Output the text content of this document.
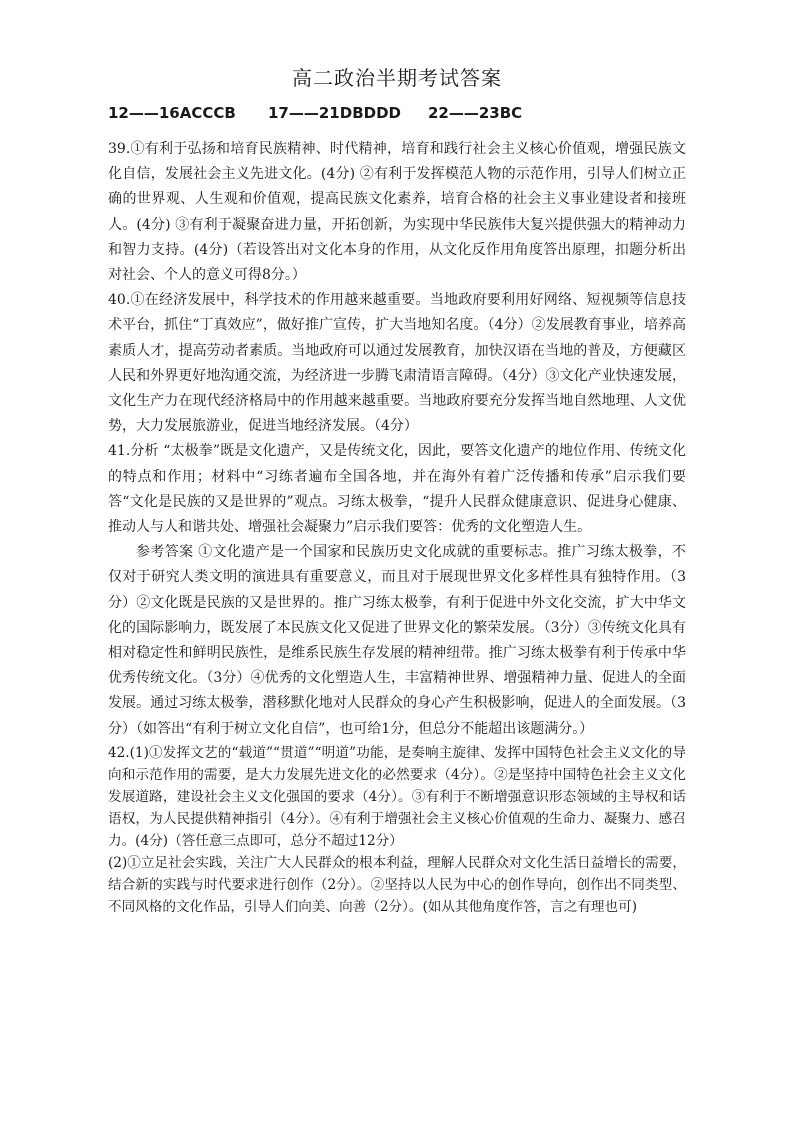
高二政治半期考试答案
12——16ACCCB 17——21DBDDD 22——23BC

39.①有利于弘扬和培育民族精神、时代精神，培育和践行社会主义核心价值观，增强民族文化自信，发展社会主义先进文化。(4分) ②有利于发挥模范人物的示范作用，引导人们树立正确的世界观、人生观和价值观，提高民族文化素养，培育合格的社会主义事业建设者和接班人。(4分) ③有利于凝聚奋进力量，开拓创新，为实现中华民族伟大复兴提供强大的精神动力和智力支持。(4分)（若设答出对文化本身的作用，从文化反作用角度答出原理，扣题分析出对社会、个人的意义可得8分。）

40.①在经济发展中，科学技术的作用越来越重要。当地政府要利用好网络、短视频等信息技术平台，抓住“丁真效应”，做好推广宣传，扩大当地知名度。（4分）②发展教育事业，培养高素质人才，提高劳动者素质。当地政府可以通过发展教育，加快汉语在当地的普及，方便藏区人民和外界更好地沟通交流，为经济进一步腾飞肃清语言障碍。（4分）③文化产业快速发展，文化生产力在现代经济格局中的作用越来越重要。当地政府要充分发挥当地自然地理、人文优势，大力发展旅游业，促进当地经济发展。（4分）

41.分析 “太极拳”既是文化遗产，又是传统文化，因此，要答文化遗产的地位作用、传统文化的特点和作用；材料中“习练者遍布全国各地，并在海外有着广泛传播和传承”启示我们要答“文化是民族的又是世界的”观点。习练太极拳，“提升人民群众健康意识、促进身心健康、推动人与人和谐共处、增强社会凝聚力”启示我们要答：优秀的文化塑造人生。

参考答案 ①文化遗产是一个国家和民族历史文化成就的重要标志。推广习练太极拳，不仅对于研究人类文明的演进具有重要意义，而且对于展现世界文化多样性具有独特作用。（3分）②文化既是民族的又是世界的。推广习练太极拳，有利于促进中外文化交流，扩大中华文化的国际影响力，既发展了本民族文化又促进了世界文化的繁荣发展。（3分）③传统文化具有相对稳定性和鲜明民族性，是维系民族生存发展的精神纽带。推广习练太极拳有利于传承中华优秀传统文化。（3分）④优秀的文化塑造人生，丰富精神世界、增强精神力量、促进人的全面发展。通过习练太极拳，潜移默化地对人民群众的身心产生积极影响，促进人的全面发展。（3分）（如答出“有利于树立文化自信”，也可给1分，但总分不能超出该题满分。）

42.(1)①发挥文艺的“载道”“贯道”“明道”功能，是奏响主旋律、发挥中国特色社会主义文化的导向和示范作用的需要，是大力发展先进文化的必然要求（4分）。②是坚持中国特色社会主义文化发展道路，建设社会主义文化强国的要求（4分）。③有利于不断增强意识形态领域的主导权和话语权，为人民提供精神指引（4分）。④有利于增强社会主义核心价值观的生命力、凝聚力、感召力。(4分)（答任意三点即可，总分不超过12分）

(2)①立足社会实践，关注广大人民群众的根本利益，理解人民群众对文化生活日益增长的需要，结合新的实践与时代要求进行创作（2分）。②坚持以人民为中心的创作导向，创作出不同类型、不同风格的文化作品，引导人们向美、向善（2分）。(如从其他角度作答，言之有理也可)
